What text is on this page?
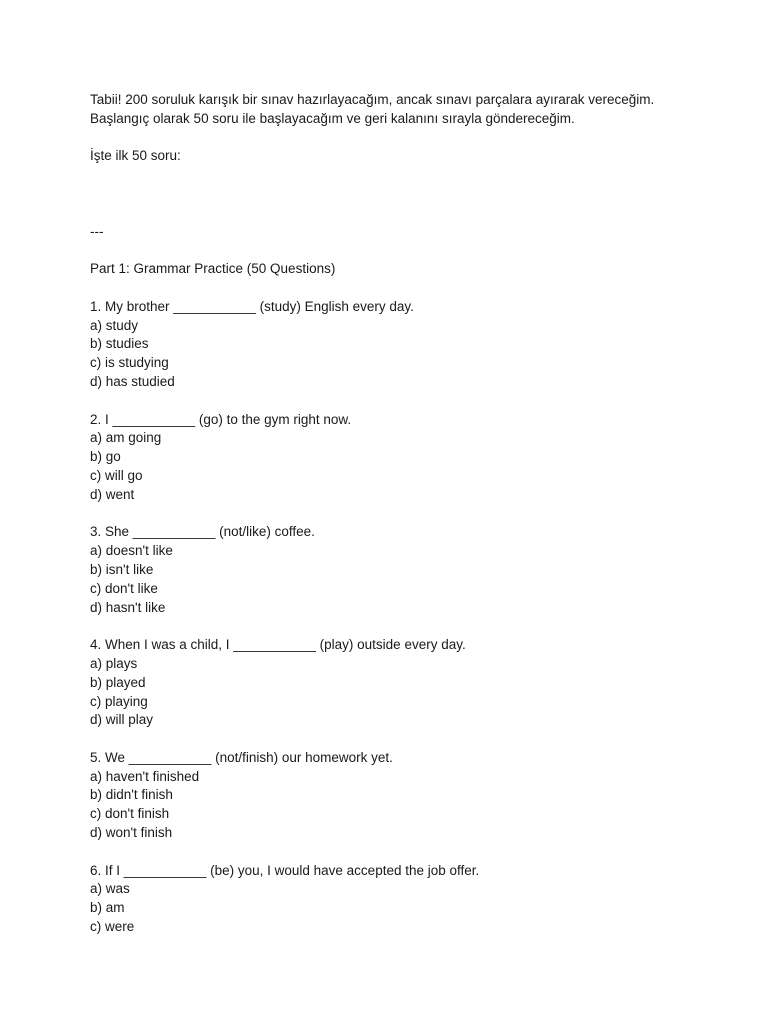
Tabii! 200 soruluk karışık bir sınav hazırlayacağım, ancak sınavı parçalara ayırarak vereceğim.
Başlangıç olarak 50 soru ile başlayacağım ve geri kalanını sırayla göndereceğim.
İşte ilk 50 soru:
---
Part 1: Grammar Practice (50 Questions)
1. My brother ___________ (study) English every day.
a) study
b) studies
c) is studying
d) has studied
2. I ___________ (go) to the gym right now.
a) am going
b) go
c) will go
d) went
3. She ___________ (not/like) coffee.
a) doesn't like
b) isn't like
c) don't like
d) hasn't like
4. When I was a child, I ___________ (play) outside every day.
a) plays
b) played
c) playing
d) will play
5. We ___________ (not/finish) our homework yet.
a) haven't finished
b) didn't finish
c) don't finish
d) won't finish
6. If I ___________ (be) you, I would have accepted the job offer.
a) was
b) am
c) were
